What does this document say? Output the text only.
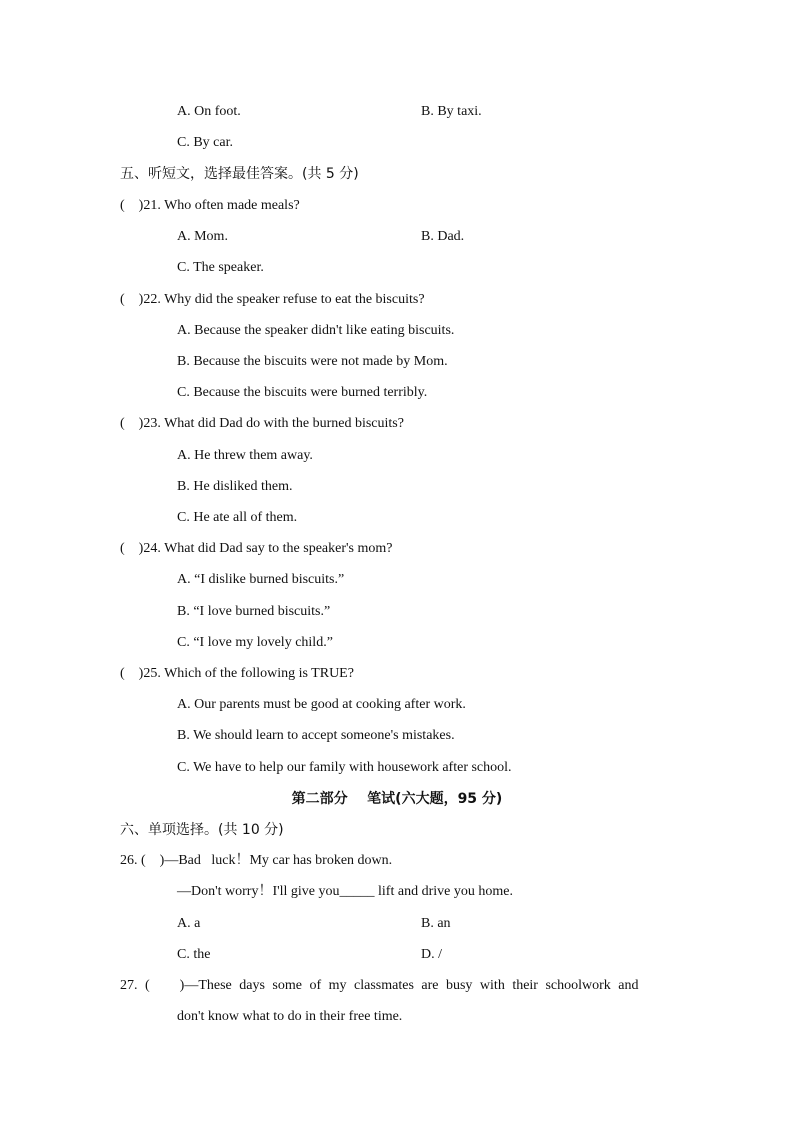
A. On foot.	B. By taxi.
C. By car.
五、听短文，选择最佳答案。(共 5 分)
(    )21. Who often made meals?
A. Mom.	B. Dad.
C. The speaker.
(    )22. Why did the speaker refuse to eat the biscuits?
A. Because the speaker didn't like eating biscuits.
B. Because the biscuits were not made by Mom.
C. Because the biscuits were burned terribly.
(    )23. What did Dad do with the burned biscuits?
A. He threw them away.
B. He disliked them.
C. He ate all of them.
(    )24. What did Dad say to the speaker's mom?
A. “I dislike burned biscuits.”
B. “I love burned biscuits.”
C. “I love my lovely child.”
(    )25. Which of the following is TRUE?
A. Our parents must be good at cooking after work.
B. We should learn to accept someone's mistakes.
C. We have to help our family with housework after school.
第二部分    笔试(六大题，95 分)
六、单项选择。(共 10 分)
26. (    )—Bad   luck！My car has broken down.
—Don't worry！I'll give you_____ lift and drive you home.
A. a	B. an
C. the	D. /
27. (    )—These days some of my classmates are busy with their schoolwork and
don't know what to do in their free time.
